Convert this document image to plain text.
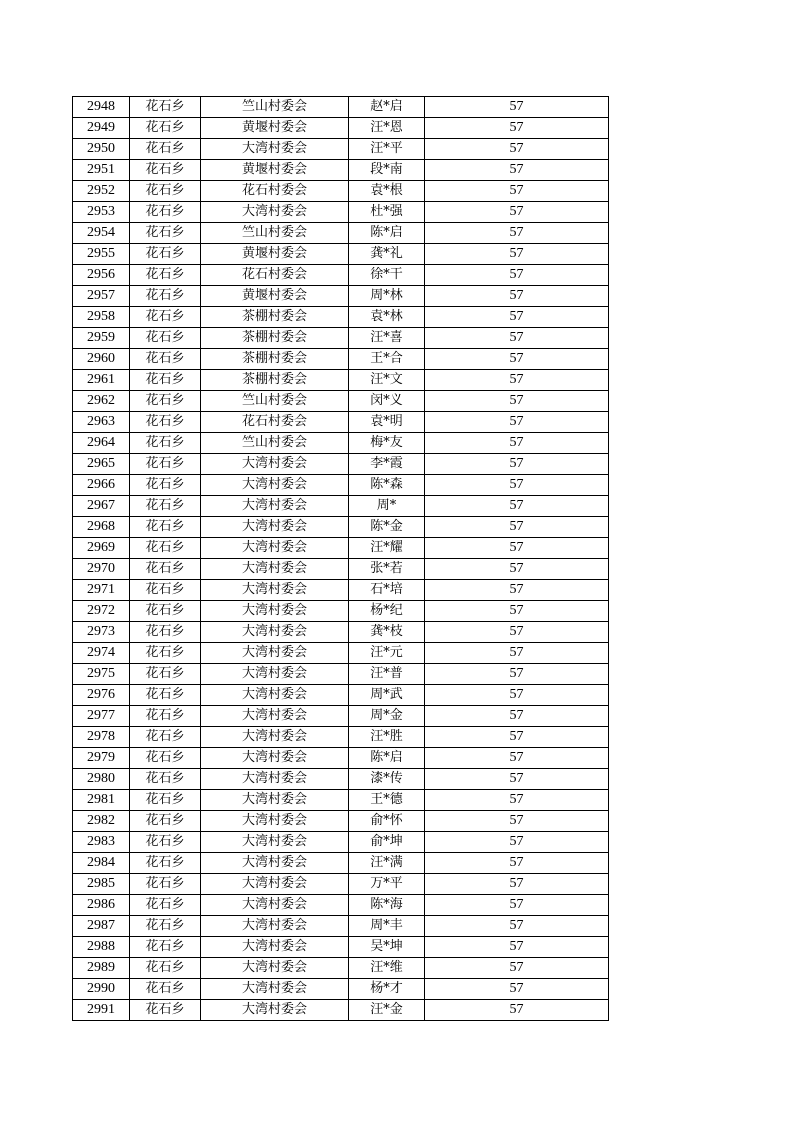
2948	花石乡	竺山村委会	赵*启	57
2949	花石乡	黄堰村委会	汪*恩	57
2950	花石乡	大湾村委会	汪*平	57
2951	花石乡	黄堰村委会	段*南	57
2952	花石乡	花石村委会	袁*根	57
2953	花石乡	大湾村委会	杜*强	57
2954	花石乡	竺山村委会	陈*启	57
2955	花石乡	黄堰村委会	龚*礼	57
2956	花石乡	花石村委会	徐*干	57
2957	花石乡	黄堰村委会	周*林	57
2958	花石乡	茶棚村委会	袁*林	57
2959	花石乡	茶棚村委会	汪*喜	57
2960	花石乡	茶棚村委会	王*合	57
2961	花石乡	茶棚村委会	汪*文	57
2962	花石乡	竺山村委会	闵*义	57
2963	花石乡	花石村委会	袁*明	57
2964	花石乡	竺山村委会	梅*友	57
2965	花石乡	大湾村委会	李*霞	57
2966	花石乡	大湾村委会	陈*森	57
2967	花石乡	大湾村委会	周*	57
2968	花石乡	大湾村委会	陈*金	57
2969	花石乡	大湾村委会	汪*耀	57
2970	花石乡	大湾村委会	张*若	57
2971	花石乡	大湾村委会	石*培	57
2972	花石乡	大湾村委会	杨*纪	57
2973	花石乡	大湾村委会	龚*枝	57
2974	花石乡	大湾村委会	汪*元	57
2975	花石乡	大湾村委会	汪*普	57
2976	花石乡	大湾村委会	周*武	57
2977	花石乡	大湾村委会	周*金	57
2978	花石乡	大湾村委会	汪*胜	57
2979	花石乡	大湾村委会	陈*启	57
2980	花石乡	大湾村委会	漆*传	57
2981	花石乡	大湾村委会	王*德	57
2982	花石乡	大湾村委会	俞*怀	57
2983	花石乡	大湾村委会	俞*坤	57
2984	花石乡	大湾村委会	汪*满	57
2985	花石乡	大湾村委会	万*平	57
2986	花石乡	大湾村委会	陈*海	57
2987	花石乡	大湾村委会	周*丰	57
2988	花石乡	大湾村委会	吴*坤	57
2989	花石乡	大湾村委会	汪*维	57
2990	花石乡	大湾村委会	杨*才	57
2991	花石乡	大湾村委会	汪*金	57
